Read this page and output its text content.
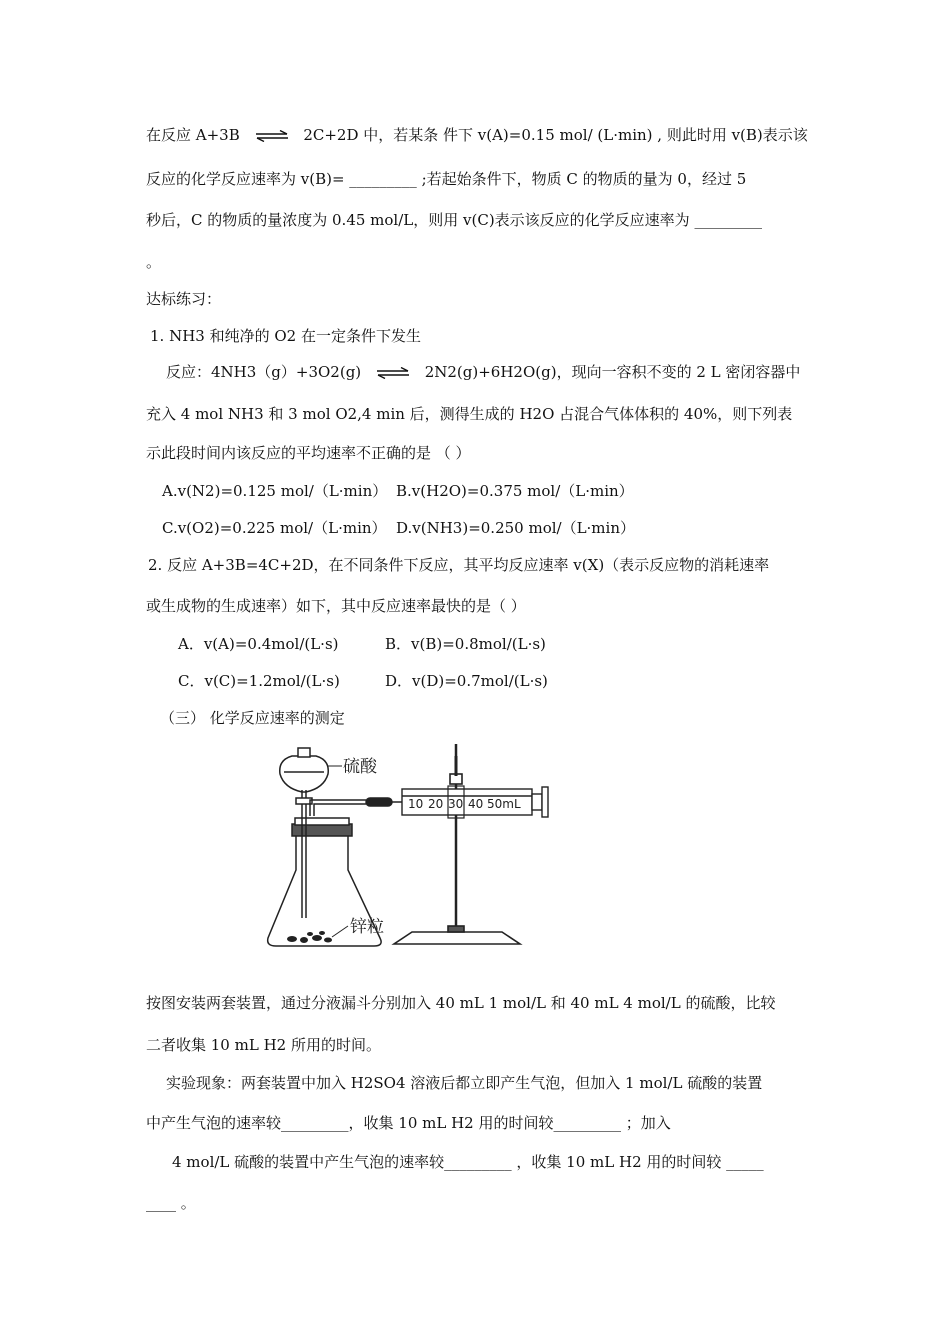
在反应 A+3B ⇌ 2C+2D 中，若某条 件下 v(A)=0.15 mol/ (L·min) , 则此时用 v(B)表示该
反应的化学反应速率为 v(B)= _________ ;若起始条件下，物质 C 的物质的量为 0，经过 5
秒后，C 的物质的量浓度为 0.45 mol/L，则用 v(C)表示该反应的化学反应速率为 _________
。
达标练习：
1. NH3 和纯净的 O2 在一定条件下发生
反应：4NH3（g）+3O2(g) ⇌ 2N2(g)+6H2O(g)，现向一容积不变的 2 L 密闭容器中
充入 4 mol NH3 和 3 mol O2,4 min 后，测得生成的 H2O 占混合气体体积的 40%，则下列表
示此段时间内该反应的平均速率不正确的是 （ ）
A.v(N2)=0.125 mol/（L·min） B.v(H2O)=0.375 mol/（L·min）
C.v(O2)=0.225 mol/（L·min） D.v(NH3)=0.250 mol/（L·min）
2. 反应 A+3B=4C+2D，在不同条件下反应，其平均反应速率 v(X)（表示反应物的消耗速率
或生成物的生成速率）如下，其中反应速率最快的是（ ）
A．v(A)=0.4mol/(L·s)	B．v(B)=0.8mol/(L·s)
C．v(C)=1.2mol/(L·s)	D．v(D)=0.7mol/(L·s)
（三） 化学反应速率的测定
锌粒
硫酸
10 20 30 40 50mL
按图安装两套装置，通过分液漏斗分别加入 40 mL 1 mol/L 和 40 mL 4 mol/L 的硫酸，比较
二者收集 10 mL H2 所用的时间。
实验现象：两套装置中加入 H2SO4 溶液后都立即产生气泡，但加入 1 mol/L 硫酸的装置
中产生气泡的速率较_________，收集 10 mL H2 用的时间较_________ ；加入
4 mol/L 硫酸的装置中产生气泡的速率较_________ ，收集 10 mL H2 用的时间较 _____
____ 。
